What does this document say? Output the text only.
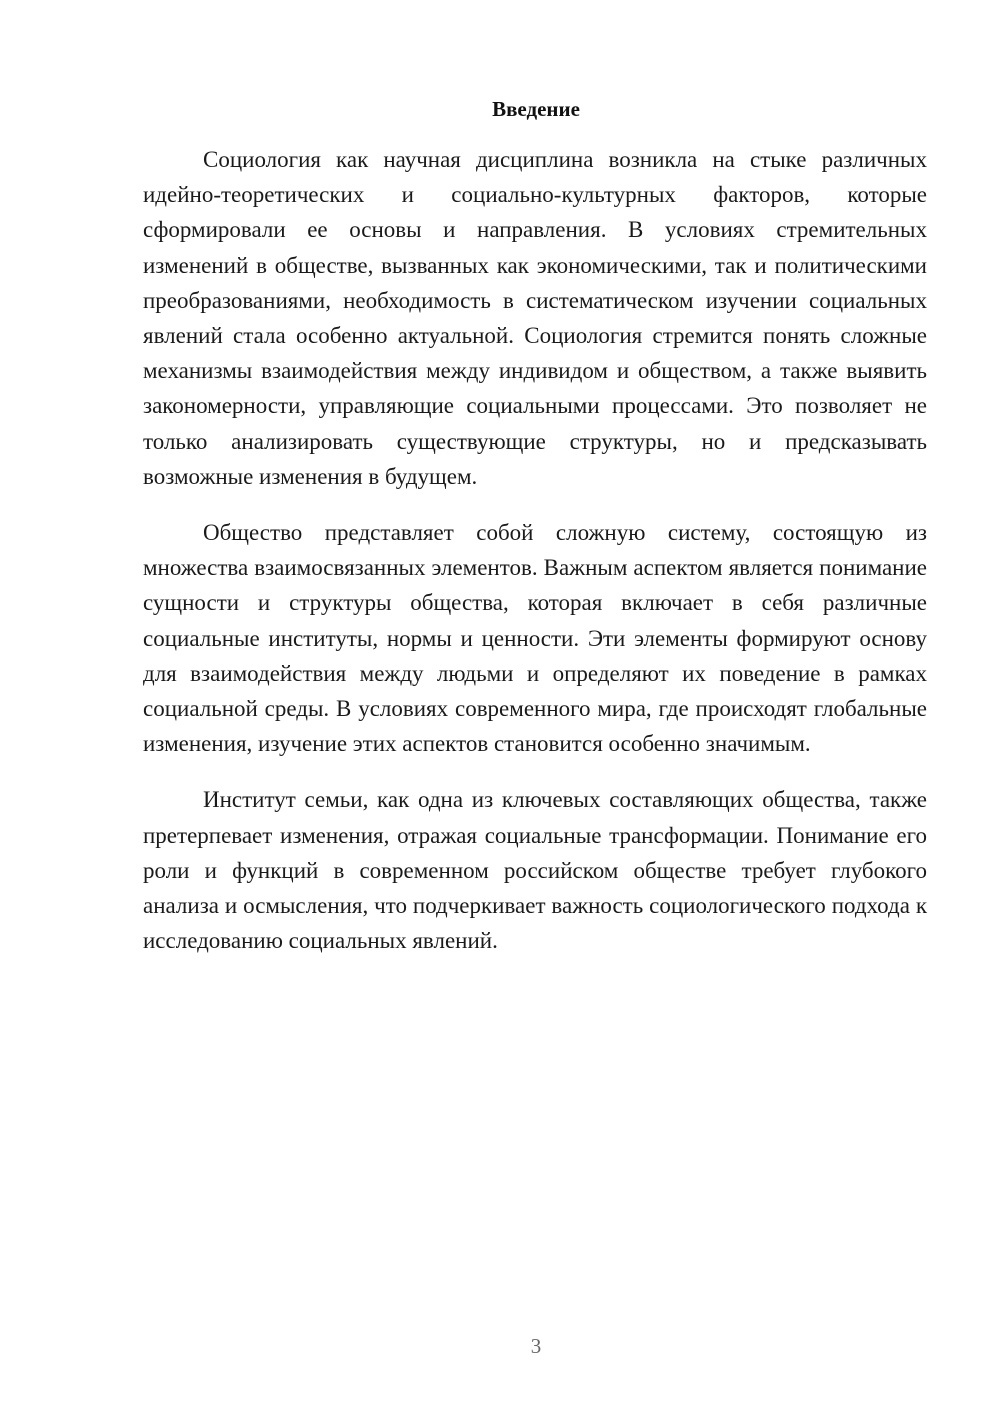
Введение

Социология как научная дисциплина возникла на стыке различных идейно-теоретических и социально-культурных факторов, которые сформировали ее основы и направления. В условиях стремительных изменений в обществе, вызванных как экономическими, так и политическими преобразованиями, необходимость в систематическом изучении социальных явлений стала особенно актуальной. Социология стремится понять сложные механизмы взаимодействия между индивидом и обществом, а также выявить закономерности, управляющие социальными процессами. Это позволяет не только анализировать существующие структуры, но и предсказывать возможные изменения в будущем.

Общество представляет собой сложную систему, состоящую из множества взаимосвязанных элементов. Важным аспектом является понимание сущности и структуры общества, которая включает в себя различные социальные институты, нормы и ценности. Эти элементы формируют основу для взаимодействия между людьми и определяют их поведение в рамках социальной среды. В условиях современного мира, где происходят глобальные изменения, изучение этих аспектов становится особенно значимым.

Институт семьи, как одна из ключевых составляющих общества, также претерпевает изменения, отражая социальные трансформации. Понимание его роли и функций в современном российском обществе требует глубокого анализа и осмысления, что подчеркивает важность социологического подхода к исследованию социальных явлений.

3
